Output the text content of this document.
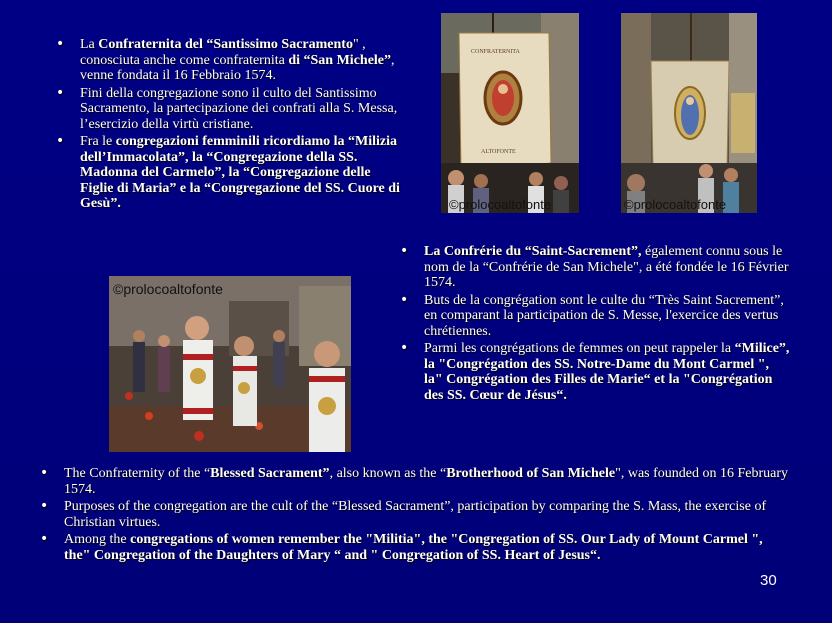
• La Confraternita del “Santissimo Sacramento" , conosciuta anche come confraternita di “San Michele”, venne fondata il 16 Febbraio 1574.
• Fini della congregazione sono il culto del Santissimo Sacramento, la partecipazione dei confrati alla S. Messa, l’esercizio della virtù cristiane.
• Fra le congregazioni femminili ricordiamo la “Milizia dell’Immacolata”, la “Congregazione della SS. Madonna del Carmelo”, la “Congregazione delle Figlie di Maria” e la “Congregazione del SS. Cuore di Gesù”.
CONFRATERNITA
ALTOFONTE
©prolocoaltofonte	©prolocoaltofonte
©prolocoaltofonte
• La Confrérie du “Saint-Sacrement”, également connu sous le nom de la “Confrérie de San Michele", a été fondée le 16 Février 1574.
• Buts de la congrégation sont le culte du “Très Saint Sacrement”, en comparant la participation de S. Messe, l'exercice des vertus chrétiennes.
• Parmi les congrégations de femmes on peut rappeler la “Milice”, la "Congrégation des SS. Notre-Dame du Mont Carmel ", la" Congrégation des Filles de Marie“ et la "Congrégation des SS. Cœur de Jésus“.
• The Confraternity of the “Blessed Sacrament”, also known as the “Brotherhood of San Michele", was founded on 16 February 1574.
• Purposes of the congregation are the cult of the “Blessed Sacrament”, participation by comparing the S. Mass, the exercise of Christian virtues.
• Among the congregations of women remember the "Militia", the "Congregation of SS. Our Lady of Mount Carmel ", the" Congregation of the Daughters of Mary “ and " Congregation of SS. Heart of Jesus“.
30
